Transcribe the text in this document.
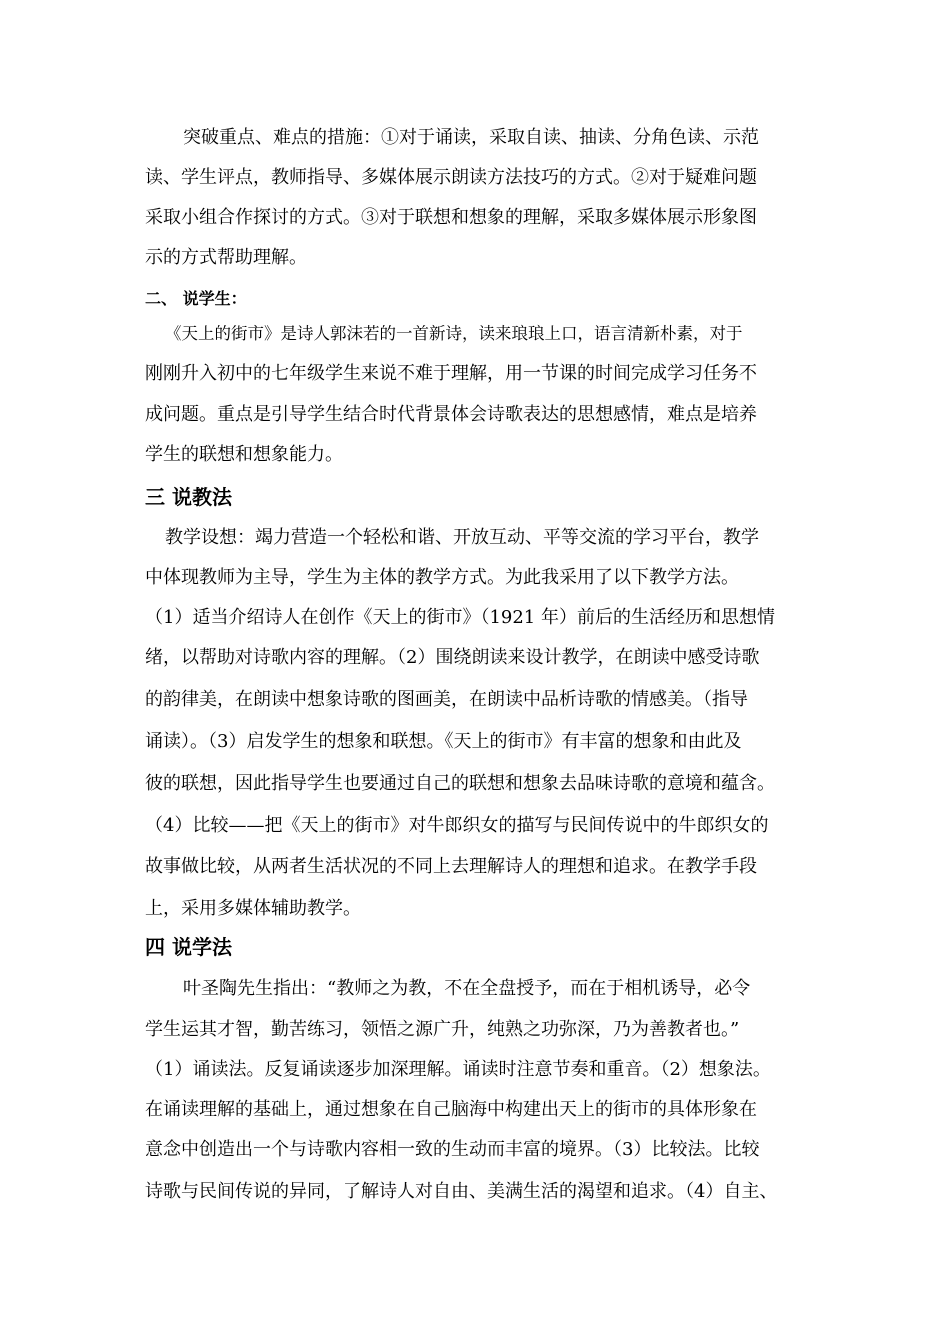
突破重点、难点的措施：①对于诵读，采取自读、抽读、分角色读、示范
读、学生评点，教师指导、多媒体展示朗读方法技巧的方式。②对于疑难问题
采取小组合作探讨的方式。③对于联想和想象的理解，采取多媒体展示形象图
示的方式帮助理解。
二、 说学生：
《天上的街市》是诗人郭沫若的一首新诗，读来琅琅上口，语言清新朴素，对于
刚刚升入初中的七年级学生来说不难于理解，用一节课的时间完成学习任务不
成问题。重点是引导学生结合时代背景体会诗歌表达的思想感情，难点是培养
学生的联想和想象能力。
三 说教法
教学设想：竭力营造一个轻松和谐、开放互动、平等交流的学习平台，教学
中体现教师为主导，学生为主体的教学方式。为此我采用了以下教学方法。
（1）适当介绍诗人在创作《天上的街市》（1921 年）前后的生活经历和思想情
绪，以帮助对诗歌内容的理解。（2）围绕朗读来设计教学，在朗读中感受诗歌
的韵律美，在朗读中想象诗歌的图画美，在朗读中品析诗歌的情感美。（指导
诵读）。（3）启发学生的想象和联想。《天上的街市》有丰富的想象和由此及
彼的联想，因此指导学生也要通过自己的联想和想象去品味诗歌的意境和蕴含。
（4）比较——把《天上的街市》对牛郎织女的描写与民间传说中的牛郎织女的
故事做比较，从两者生活状况的不同上去理解诗人的理想和追求。在教学手段
上，采用多媒体辅助教学。
四 说学法
叶圣陶先生指出：“教师之为教，不在全盘授予，而在于相机诱导，必令
学生运其才智，勤苦练习，领悟之源广升，纯熟之功弥深，乃为善教者也。”
（1）诵读法。反复诵读逐步加深理解。诵读时注意节奏和重音。（2）想象法。
在诵读理解的基础上，通过想象在自己脑海中构建出天上的街市的具体形象在
意念中创造出一个与诗歌内容相一致的生动而丰富的境界。（3）比较法。比较
诗歌与民间传说的异同，了解诗人对自由、美满生活的渴望和追求。（4）自主、
